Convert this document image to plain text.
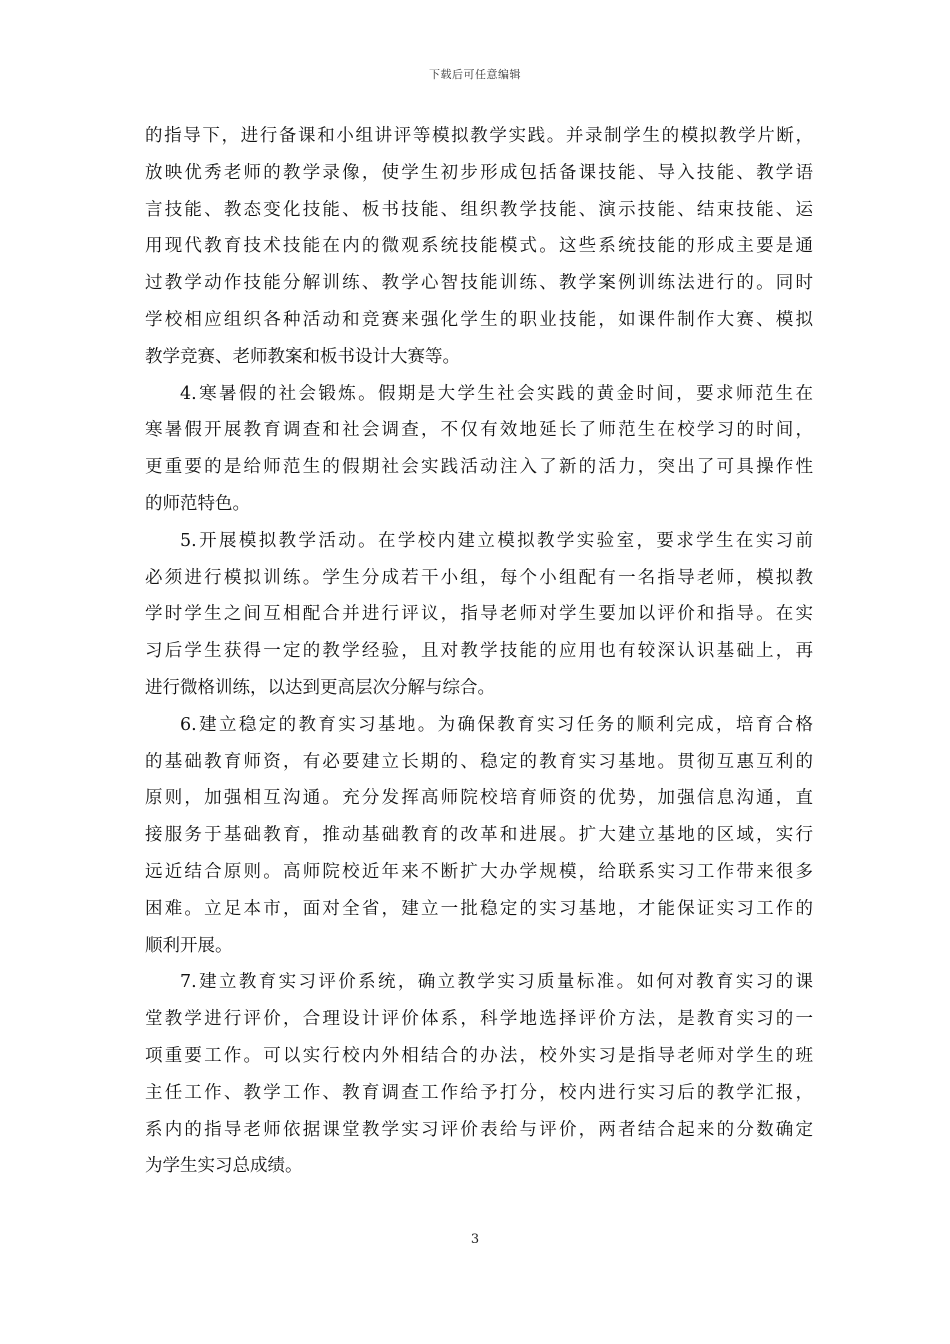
下载后可任意编辑
的指导下，进行备课和小组讲评等模拟教学实践。并录制学生的模拟教学片断，
放映优秀老师的教学录像，使学生初步形成包括备课技能、导入技能、教学语
言技能、教态变化技能、板书技能、组织教学技能、演示技能、结束技能、运
用现代教育技术技能在内的微观系统技能模式。这些系统技能的形成主要是通
过教学动作技能分解训练、教学心智技能训练、教学案例训练法进行的。同时
学校相应组织各种活动和竞赛来强化学生的职业技能，如课件制作大赛、模拟
教学竞赛、老师教案和板书设计大赛等。
4.寒暑假的社会锻炼。假期是大学生社会实践的黄金时间，要求师范生在
寒暑假开展教育调查和社会调查，不仅有效地延长了师范生在校学习的时间，
更重要的是给师范生的假期社会实践活动注入了新的活力，突出了可具操作性
的师范特色。
5.开展模拟教学活动。在学校内建立模拟教学实验室，要求学生在实习前
必须进行模拟训练。学生分成若干小组，每个小组配有一名指导老师，模拟教
学时学生之间互相配合并进行评议，指导老师对学生要加以评价和指导。在实
习后学生获得一定的教学经验，且对教学技能的应用也有较深认识基础上，再
进行微格训练，以达到更高层次分解与综合。
6.建立稳定的教育实习基地。为确保教育实习任务的顺利完成，培育合格
的基础教育师资，有必要建立长期的、稳定的教育实习基地。贯彻互惠互利的
原则，加强相互沟通。充分发挥高师院校培育师资的优势，加强信息沟通，直
接服务于基础教育，推动基础教育的改革和进展。扩大建立基地的区域，实行
远近结合原则。高师院校近年来不断扩大办学规模，给联系实习工作带来很多
困难。立足本市，面对全省，建立一批稳定的实习基地，才能保证实习工作的
顺利开展。
7.建立教育实习评价系统，确立教学实习质量标准。如何对教育实习的课
堂教学进行评价，合理设计评价体系，科学地选择评价方法，是教育实习的一
项重要工作。可以实行校内外相结合的办法，校外实习是指导老师对学生的班
主任工作、教学工作、教育调查工作给予打分，校内进行实习后的教学汇报，
系内的指导老师依据课堂教学实习评价表给与评价，两者结合起来的分数确定
为学生实习总成绩。
3
